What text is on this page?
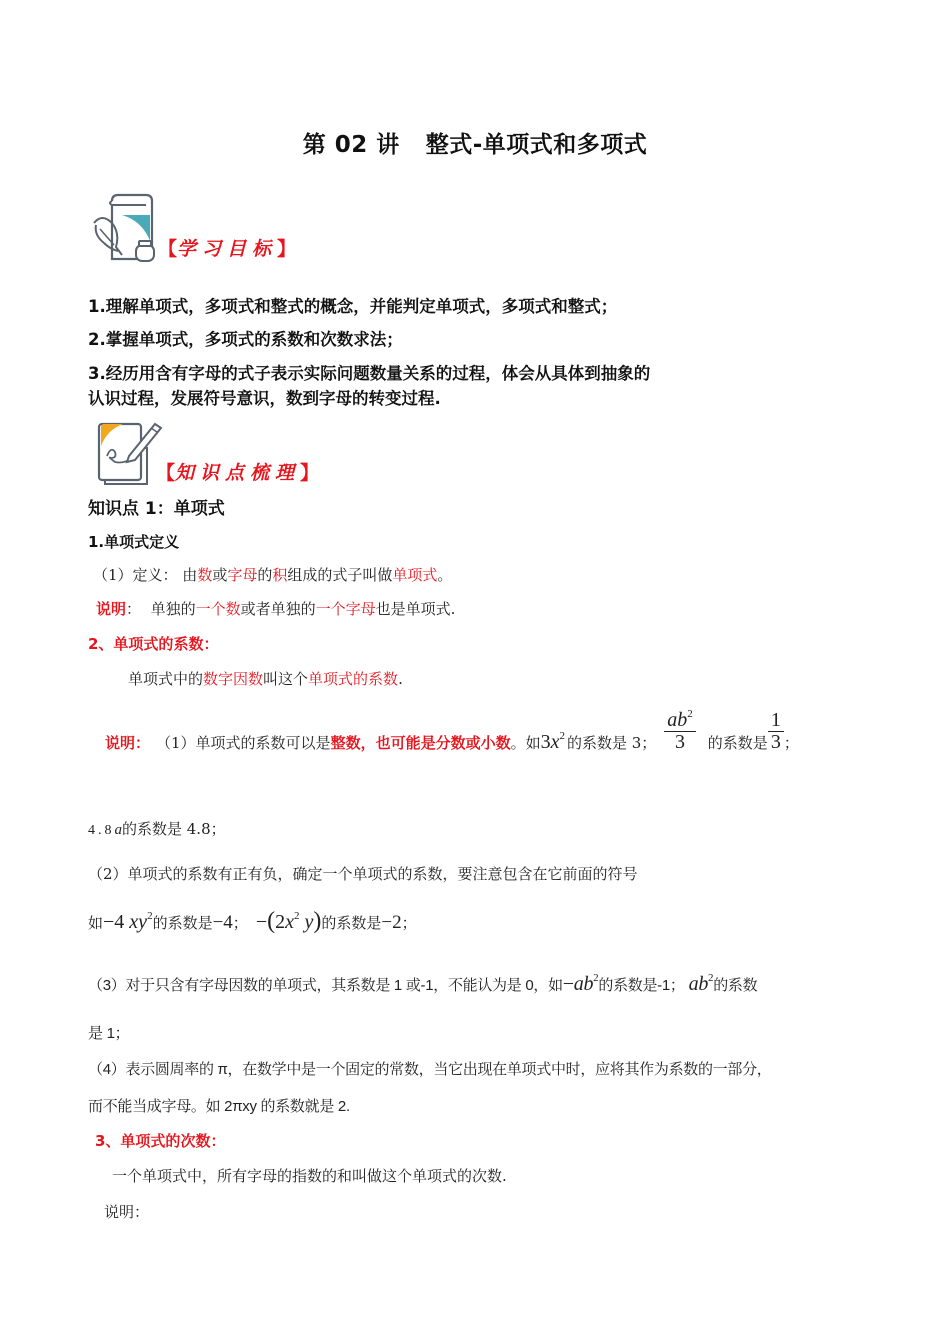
第 02 讲 整式-单项式和多项式
【学习目标】
1.理解单项式，多项式和整式的概念，并能判定单项式，多项式和整式；
2.掌握单项式，多项式的系数和次数求法；
3.经历用含有字母的式子表示实际问题数量关系的过程，体会从具体到抽象的
认识过程，发展符号意识，数到字母的转变过程.
【知识点梳理】
知识点 1：单项式
1.单项式定义
（1）定义： 由数或字母的积组成的式子叫做单项式。
说明：  单独的一个数或者单独的一个字母也是单项式.
2、单项式的系数：
单项式中的数字因数叫这个单项式的系数.
说明： （1）单项式的系数可以是 整数，也可能是分数或小数 。如 $3x^2$ 的系数是 3； $\frac{ab^2}{3}$ 的系数是 $\frac{1}{3}$ ；
4.8a的系数是 4.8；
（2）单项式的系数有正有负，确定一个单项式的系数，要注意包含在它前面的符号
如 −4 $xy^2$ 的系数是 −4 ； $-(2x^2$ y) 的系数是 −2 ；
（3）对于只含有字母因数的单项式，其系数是 1 或-1，不能认为是 0，如 $-ab^2$ 的系数是-1； $ab^2$ 的系数
是 1；
（4）表示圆周率的 π，在数学中是一个固定的常数，当它出现在单项式中时，应将其作为系数的一部分，
而不能当成字母。如 2πxy 的系数就是 2.
3、单项式的次数：
一个单项式中，所有字母的指数的和叫做这个单项式的次数.
说明：
